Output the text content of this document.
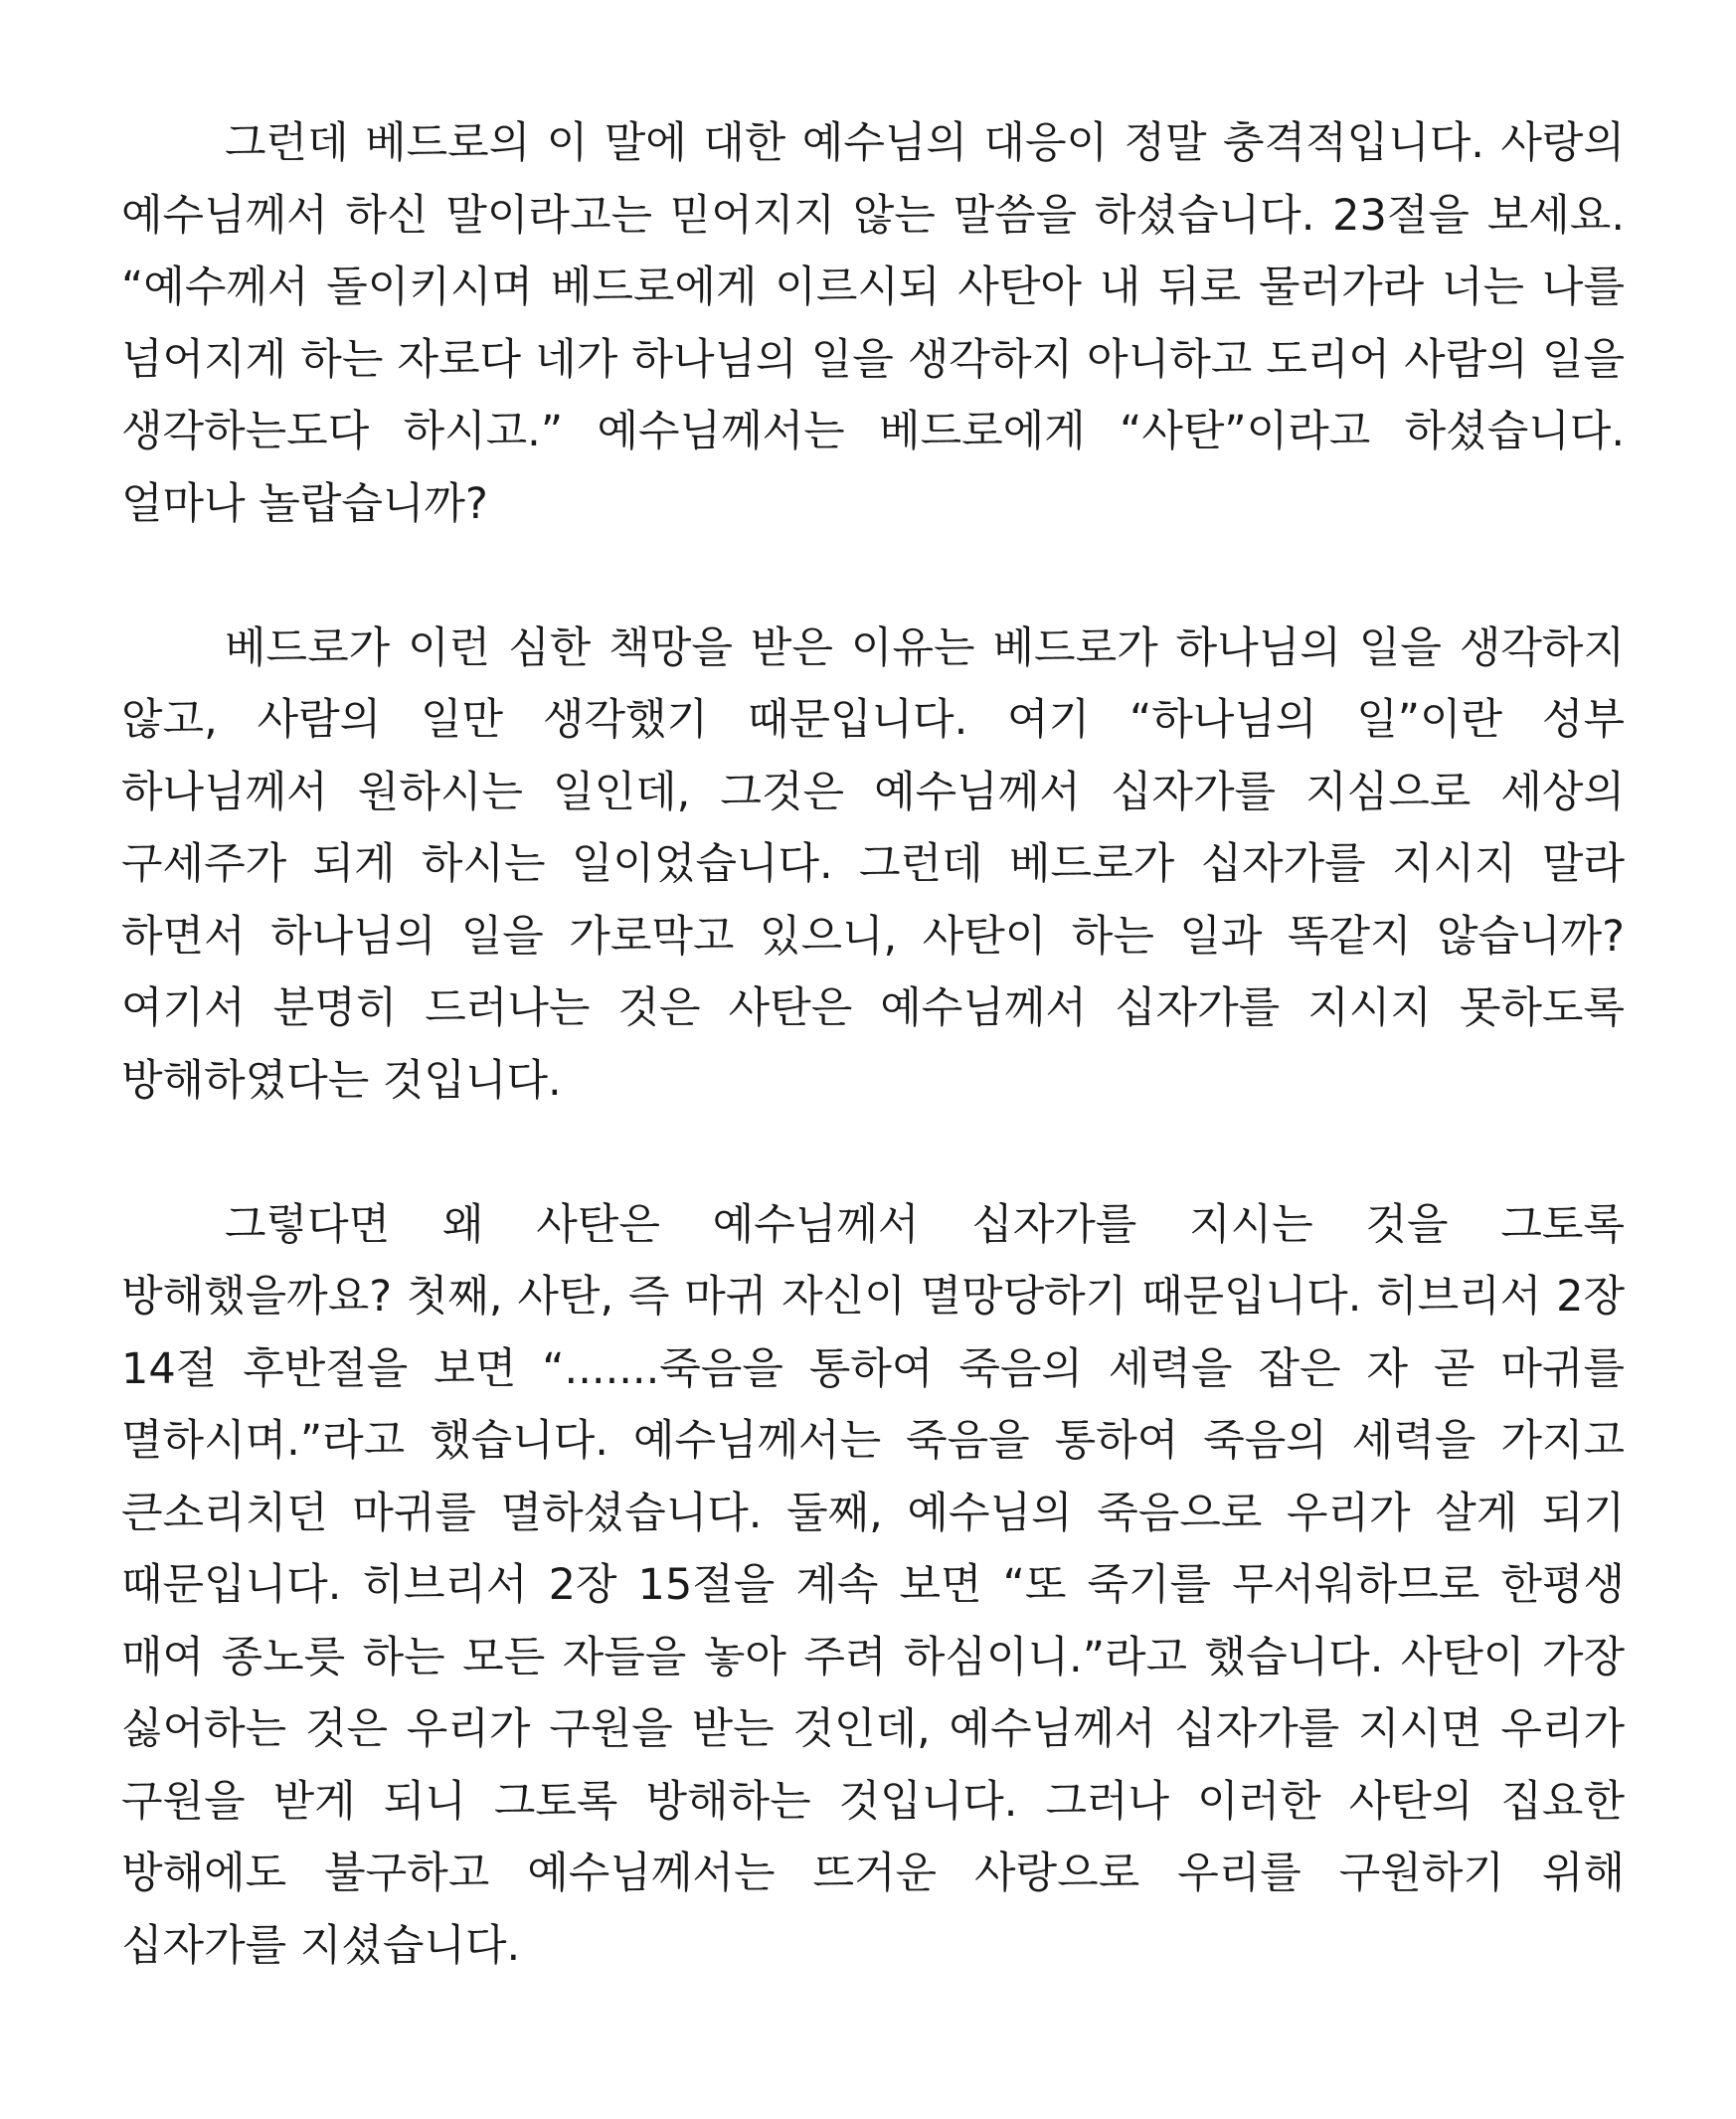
그런데 베드로의 이 말에 대한 예수님의 대응이 정말 충격적입니다. 사랑의 예수님께서 하신 말이라고는 믿어지지 않는 말씀을 하셨습니다. 23절을 보세요. “예수께서 돌이키시며 베드로에게 이르시되 사탄아 내 뒤로 물러가라 너는 나를 넘어지게 하는 자로다 네가 하나님의 일을 생각하지 아니하고 도리어 사람의 일을 생각하는도다 하시고.” 예수님께서는 베드로에게 “사탄”이라고 하셨습니다. 얼마나 놀랍습니까?

베드로가 이런 심한 책망을 받은 이유는 베드로가 하나님의 일을 생각하지 않고, 사람의 일만 생각했기 때문입니다. 여기 “하나님의 일”이란 성부 하나님께서 원하시는 일인데, 그것은 예수님께서 십자가를 지심으로 세상의 구세주가 되게 하시는 일이었습니다. 그런데 베드로가 십자가를 지시지 말라 하면서 하나님의 일을 가로막고 있으니, 사탄이 하는 일과 똑같지 않습니까? 여기서 분명히 드러나는 것은 사탄은 예수님께서 십자가를 지시지 못하도록 방해하였다는 것입니다.

그렇다면 왜 사탄은 예수님께서 십자가를 지시는 것을 그토록 방해했을까요? 첫째, 사탄, 즉 마귀 자신이 멸망당하기 때문입니다. 히브리서 2장 14절 후반절을 보면 “.......죽음을 통하여 죽음의 세력을 잡은 자 곧 마귀를 멸하시며.”라고 했습니다. 예수님께서는 죽음을 통하여 죽음의 세력을 가지고 큰소리치던 마귀를 멸하셨습니다. 둘째, 예수님의 죽음으로 우리가 살게 되기 때문입니다. 히브리서 2장 15절을 계속 보면 “또 죽기를 무서워하므로 한평생 매여 종노릇 하는 모든 자들을 놓아 주려 하심이니.”라고 했습니다. 사탄이 가장 싫어하는 것은 우리가 구원을 받는 것인데, 예수님께서 십자가를 지시면 우리가 구원을 받게 되니 그토록 방해하는 것입니다. 그러나 이러한 사탄의 집요한 방해에도 불구하고 예수님께서는 뜨거운 사랑으로 우리를 구원하기 위해 십자가를 지셨습니다.
